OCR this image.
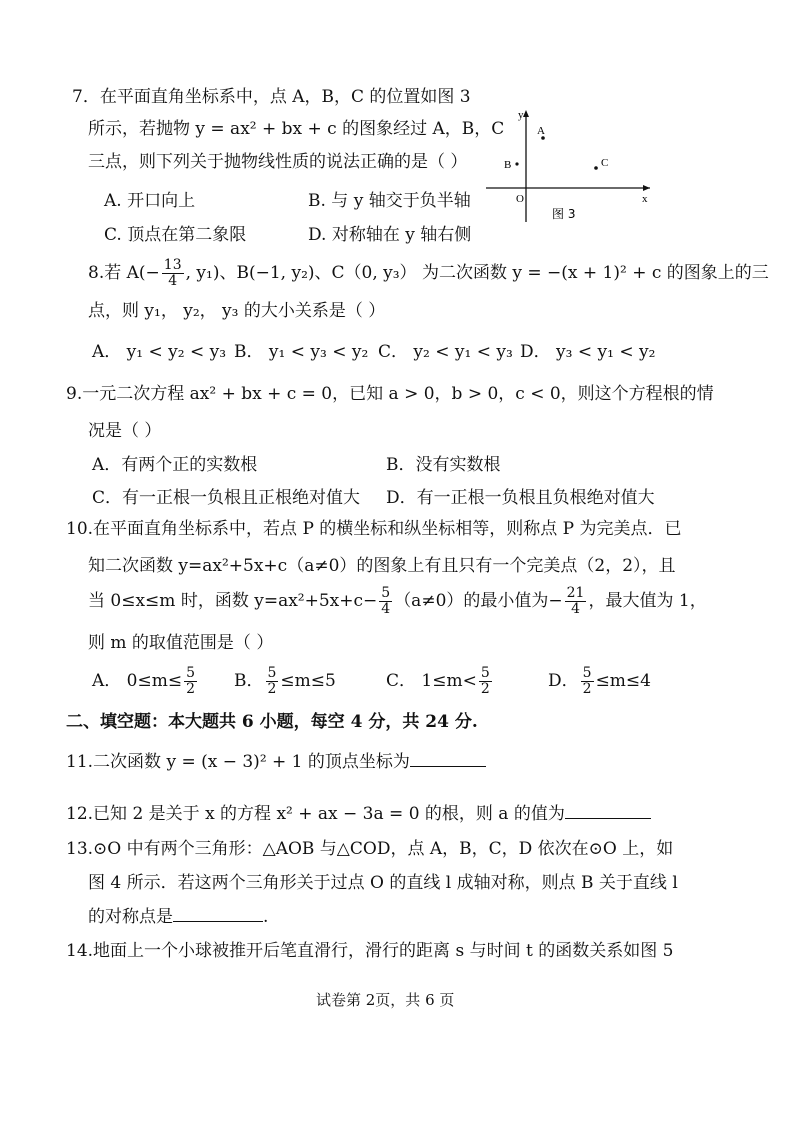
7．在平面直角坐标系中，点 A，B，C 的位置如图 3
所示，若抛物 y = ax² + bx + c 的图象经过 A，B，C
三点，则下列关于抛物线性质的说法正确的是（ ）
A. 开口向上	B. 与 y 轴交于负半轴
C. 顶点在第二象限	D. 对称轴在 y 轴右侧
y
x
O
A
B	C
图 3
8.若 $A(- \frac{13}{4}$ , y₁)、B(−1, y₂)、C（0, y₃） 为二次函数 y = −(x + 1)² + c 的图象上的三
点，则 y₁， y₂， y₃ 的大小关系是（ ）
A． y₁ < y₂ < y₃ B． y₁ < y₃ < y₂ C． y₂ < y₁ < y₃ D． y₃ < y₁ < y₂
9.一元二次方程 ax² + bx + c = 0，已知 a > 0，b > 0，c < 0，则这个方程根的情
况是（ ）
A．有两个正的实数根	B．没有实数根
C．有一正根一负根且正根绝对值大 D．有一正根一负根且负根绝对值大
10.在平面直角坐标系中，若点 P 的横坐标和纵坐标相等，则称点 P 为完美点．已
知二次函数 y=ax²+5x+c（a≠0）的图象上有且只有一个完美点（2，2），且
当 0≤x≤m 时，函数 $y=ax^2+5x+c- \frac{5}{4} (a\ne 0)$的最小值为− $\frac{21}{4}$ ，最大值为 1，
则 m 的取值范围是（ ）
A． $0\le m\le \frac{5}{2}$ B． $\frac{5}{2} \le m\le 5$	C． $1\le m< \frac{5}{2}$	D． $\frac{5}{2} \le m\le 4$
二、填空题：本大题共 6 小题，每空 4 分，共 24 分.
11.二次函数 y = (x − 3)² + 1 的顶点坐标为
12.已知 2 是关于 x 的方程 x² + ax − 3a = 0 的根，则 a 的值为
13.⊙O 中有两个三角形：△AOB 与△COD，点 A，B，C，D 依次在⊙O 上，如
图 4 所示．若这两个三角形关于过点 O 的直线 l 成轴对称，则点 B 关于直线 l
的对称点是	.
14.地面上一个小球被推开后笔直滑行，滑行的距离 s 与时间 t 的函数关系如图 5
试卷第 2页，共 6 页
